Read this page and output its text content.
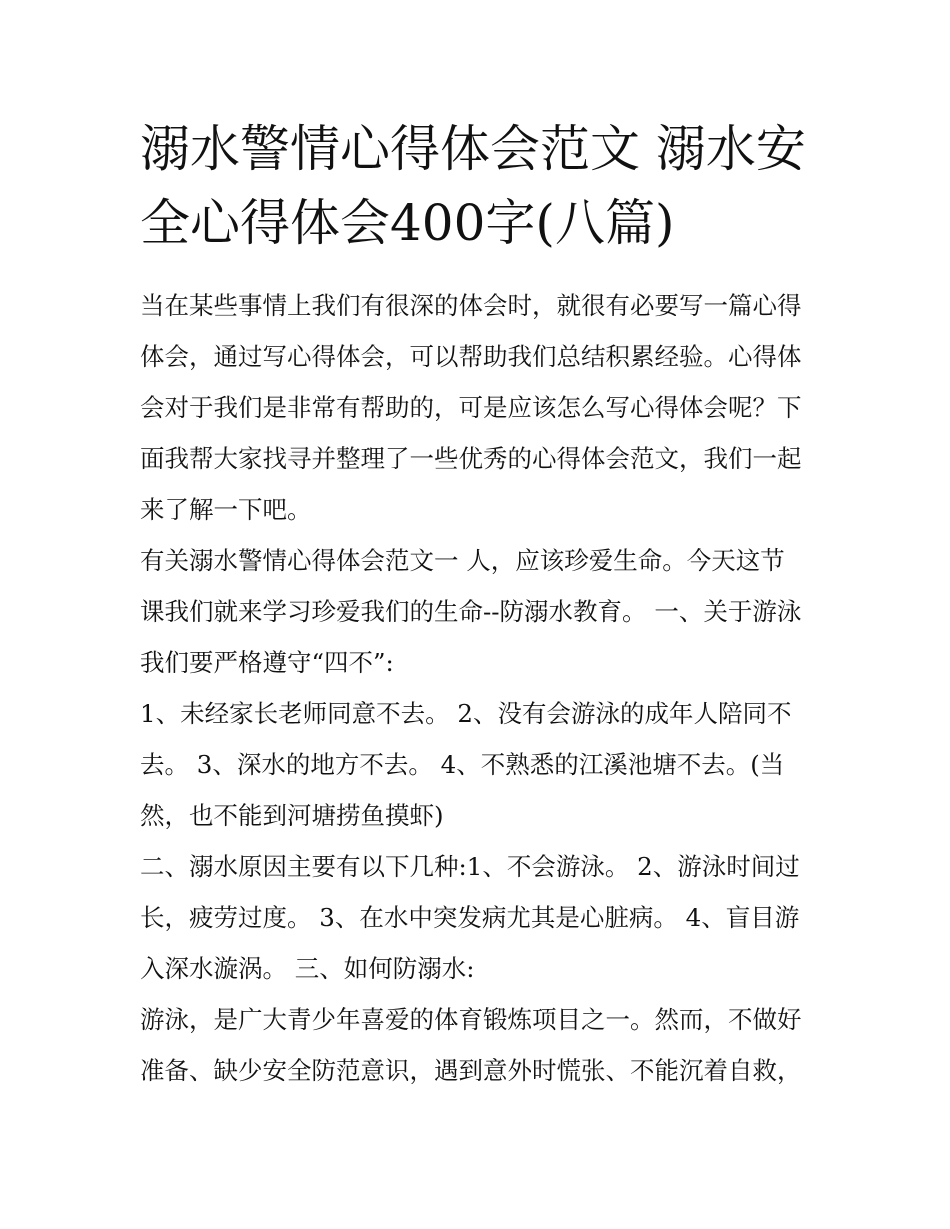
溺水警情心得体会范文 溺水安
全心得体会400字(八篇)

当在某些事情上我们有很深的体会时，就很有必要写一篇心得
体会，通过写心得体会，可以帮助我们总结积累经验。心得体
会对于我们是非常有帮助的，可是应该怎么写心得体会呢？下
面我帮大家找寻并整理了一些优秀的心得体会范文，我们一起
来了解一下吧。

有关溺水警情心得体会范文一 人，应该珍爱生命。今天这节
课我们就来学习珍爱我们的生命--防溺水教育。 一、关于游泳
我们要严格遵守“四不”:

1、未经家长老师同意不去。 2、没有会游泳的成年人陪同不
去。 3、深水的地方不去。 4、不熟悉的江溪池塘不去。(当
然，也不能到河塘捞鱼摸虾)

二、溺水原因主要有以下几种:1、不会游泳。 2、游泳时间过
长，疲劳过度。 3、在水中突发病尤其是心脏病。 4、盲目游
入深水漩涡。 三、如何防溺水:

游泳，是广大青少年喜爱的体育锻炼项目之一。然而，不做好
准备、缺少安全防范意识，遇到意外时慌张、不能沉着自救，
